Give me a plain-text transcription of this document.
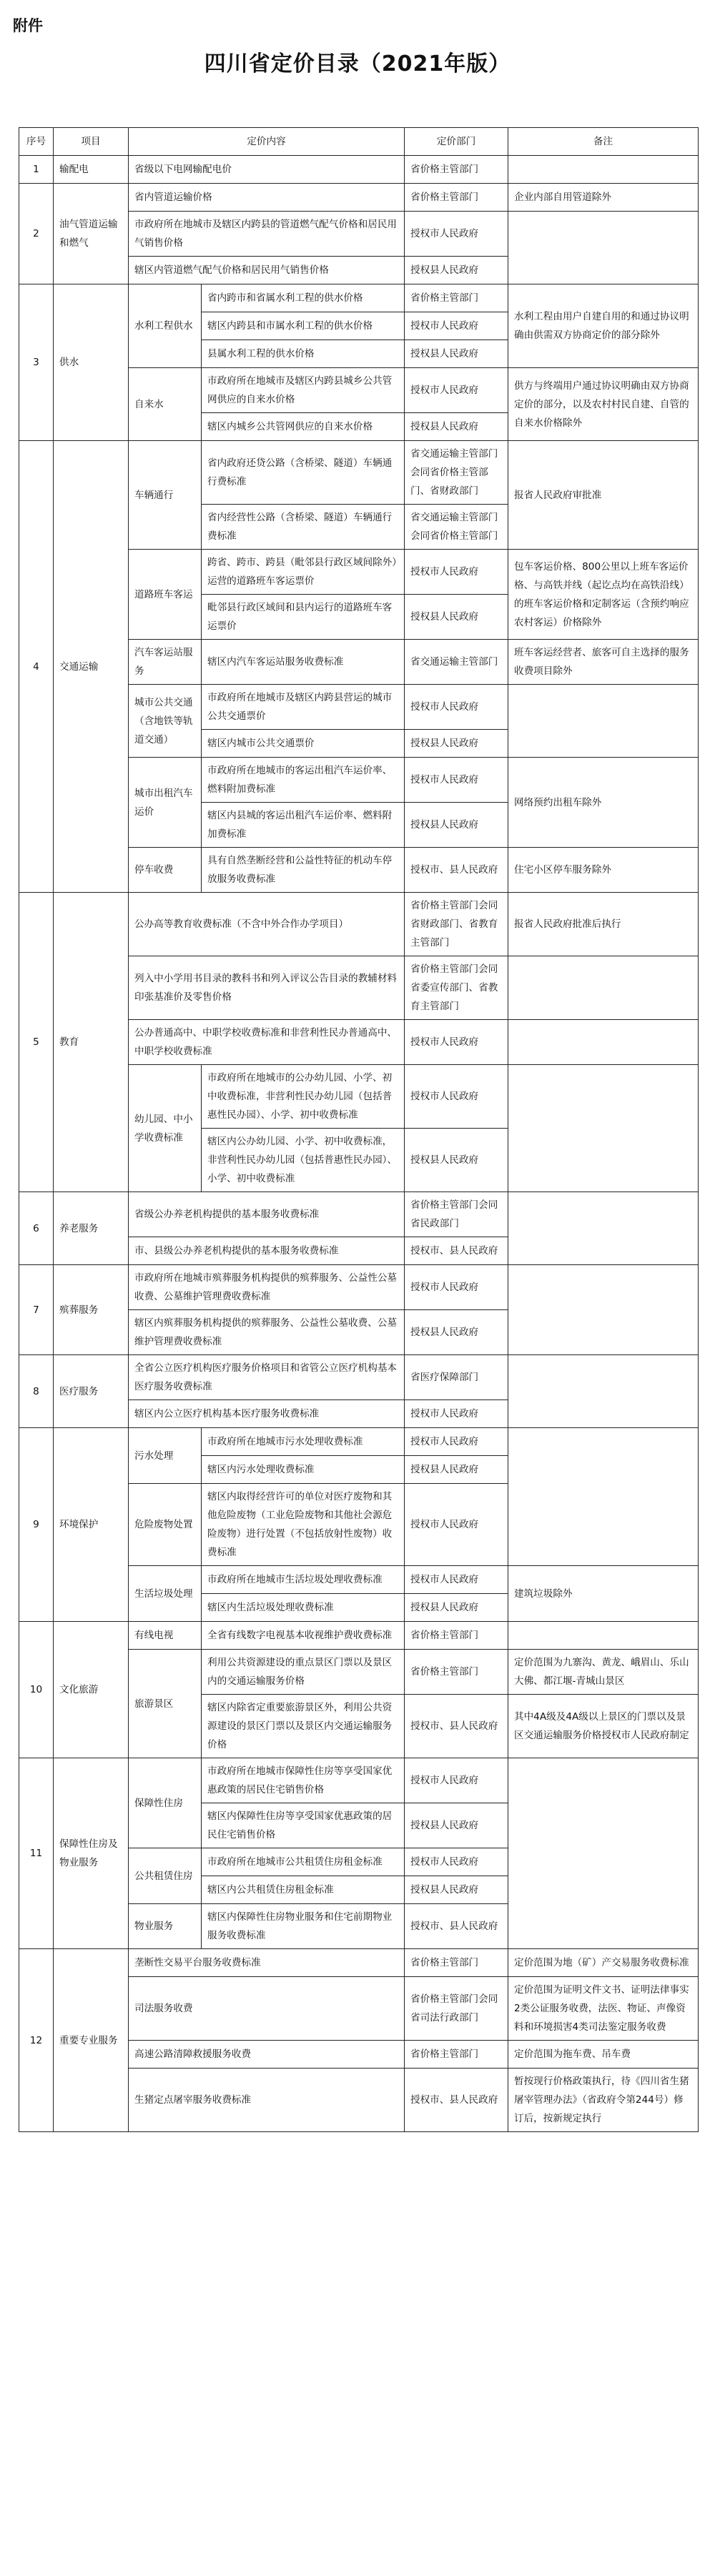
附件
四川省定价目录（2021年版）
序号	项目	定价内容		定价部门	备注
1	输配电	省级以下电网输配电价		省价格主管部门	
2	油气管道运输和燃气	省内管道运输价格		省价格主管部门	企业内部自用管道除外
		市政府所在地城市及辖区内跨县的管道燃气配气价格和居民用气销售价格		授权市人民政府	
		辖区内管道燃气配气价格和居民用气销售价格		授权县人民政府	
3	供水	水利工程供水	省内跨市和省属水利工程的供水价格	省价格主管部门	水利工程由用户自建自用的和通过协议明确由供需双方协商定价的部分除外
			辖区内跨县和市属水利工程的供水价格	授权市人民政府	
			县属水利工程的供水价格	授权县人民政府	
		自来水	市政府所在地城市及辖区内跨县城乡公共管网供应的自来水价格	授权市人民政府	供方与终端用户通过协议明确由双方协商定价的部分，以及农村村民自建、自管的自来水价格除外
			辖区内城乡公共管网供应的自来水价格	授权县人民政府	
4	交通运输	车辆通行	省内政府还贷公路（含桥梁、隧道）车辆通行费标准	省交通运输主管部门会同省价格主管部门、省财政部门	报省人民政府审批准
			省内经营性公路（含桥梁、隧道）车辆通行费标准	省交通运输主管部门会同省价格主管部门	
		道路班车客运	跨省、跨市、跨县（毗邻县行政区域间除外）运营的道路班车客运票价	授权市人民政府	包车客运价格、800公里以上班车客运价格、与高铁并线（起讫点均在高铁沿线）的班车客运价格和定制客运（含预约响应农村客运）价格除外
			毗邻县行政区域间和县内运行的道路班车客运票价	授权县人民政府	
		汽车客运站服务	辖区内汽车客运站服务收费标准	省交通运输主管部门	班车客运经营者、旅客可自主选择的服务收费项目除外
		城市公共交通（含地铁等轨道交通）	市政府所在地城市及辖区内跨县营运的城市公共交通票价	授权市人民政府	
			辖区内城市公共交通票价	授权县人民政府	
		城市出租汽车运价	市政府所在地城市的客运出租汽车运价率、燃料附加费标准	授权市人民政府	网络预约出租车除外
			辖区内县城的客运出租汽车运价率、燃料附加费标准	授权县人民政府	
		停车收费	具有自然垄断经营和公益性特征的机动车停放服务收费标准	授权市、县人民政府	住宅小区停车服务除外
5	教育	公办高等教育收费标准（不含中外合作办学项目）		省价格主管部门会同省财政部门、省教育主管部门	报省人民政府批准后执行
		列入中小学用书目录的教科书和列入评议公告目录的教辅材料印张基准价及零售价格		省价格主管部门会同省委宣传部门、省教育主管部门	
		公办普通高中、中职学校收费标准和非营利性民办普通高中、中职学校收费标准		授权市人民政府	
		幼儿园、中小学收费标准	市政府所在地城市的公办幼儿园、小学、初中收费标准，非营利性民办幼儿园（包括普惠性民办园）、小学、初中收费标准	授权市人民政府	
			辖区内公办幼儿园、小学、初中收费标准，非营利性民办幼儿园（包括普惠性民办园）、小学、初中收费标准	授权县人民政府	
6	养老服务	省级公办养老机构提供的基本服务收费标准		省价格主管部门会同省民政部门	
		市、县级公办养老机构提供的基本服务收费标准		授权市、县人民政府	
7	殡葬服务	市政府所在地城市殡葬服务机构提供的殡葬服务、公益性公墓收费、公墓维护管理费收费标准		授权市人民政府	
		辖区内殡葬服务机构提供的殡葬服务、公益性公墓收费、公墓维护管理费收费标准		授权县人民政府	
8	医疗服务	全省公立医疗机构医疗服务价格项目和省管公立医疗机构基本医疗服务收费标准		省医疗保障部门	
		辖区内公立医疗机构基本医疗服务收费标准		授权市人民政府	
9	环境保护	污水处理	市政府所在地城市污水处理收费标准	授权市人民政府	
			辖区内污水处理收费标准	授权县人民政府	
		危险废物处置	辖区内取得经营许可的单位对医疗废物和其他危险废物（工业危险废物和其他社会源危险废物）进行处置（不包括放射性废物）收费标准	授权市人民政府	
		生活垃圾处理	市政府所在地城市生活垃圾处理收费标准	授权市人民政府	建筑垃圾除外
			辖区内生活垃圾处理收费标准	授权县人民政府	
10	文化旅游	有线电视	全省有线数字电视基本收视维护费收费标准	省价格主管部门	
		旅游景区	利用公共资源建设的重点景区门票以及景区内的交通运输服务价格	省价格主管部门	定价范围为九寨沟、黄龙、峨眉山、乐山大佛、都江堰-青城山景区
			辖区内除省定重要旅游景区外，利用公共资源建设的景区门票以及景区内交通运输服务价格	授权市、县人民政府	其中4A级及4A级以上景区的门票以及景区交通运输服务价格授权市人民政府制定
11	保障性住房及物业服务	保障性住房	市政府所在地城市保障性住房等享受国家优惠政策的居民住宅销售价格	授权市人民政府	
			辖区内保障性住房等享受国家优惠政策的居民住宅销售价格	授权县人民政府	
		公共租赁住房	市政府所在地城市公共租赁住房租金标准	授权市人民政府	
			辖区内公共租赁住房租金标准	授权县人民政府	
		物业服务	辖区内保障性住房物业服务和住宅前期物业服务收费标准	授权市、县人民政府	
12	重要专业服务	垄断性交易平台服务收费标准		省价格主管部门	定价范围为地（矿）产交易服务收费标准
		司法服务收费		省价格主管部门会同省司法行政部门	定价范围为证明文件文书、证明法律事实2类公证服务收费，法医、物证、声像资料和环境损害4类司法鉴定服务收费
		高速公路清障救援服务收费		省价格主管部门	定价范围为拖车费、吊车费
		生猪定点屠宰服务收费标准		授权市、县人民政府	暂按现行价格政策执行，待《四川省生猪屠宰管理办法》（省政府令第244号）修订后，按新规定执行
